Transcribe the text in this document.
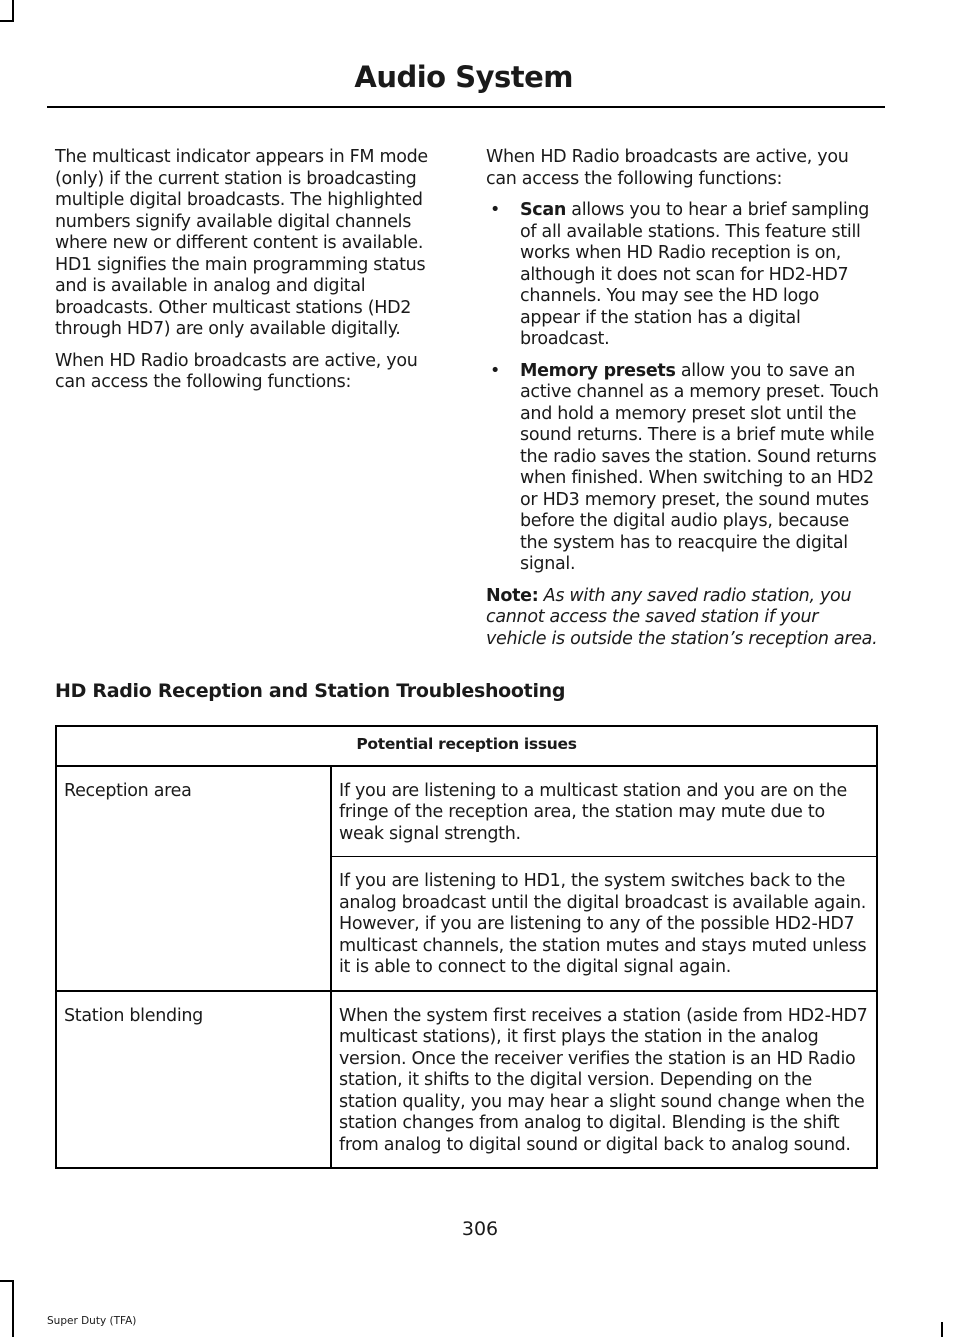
Audio System

The multicast indicator appears in FM mode (only) if the current station is broadcasting multiple digital broadcasts. The highlighted numbers signify available digital channels where new or different content is available. HD1 signifies the main programming status and is available in analog and digital broadcasts. Other multicast stations (HD2 through HD7) are only available digitally.

When HD Radio broadcasts are active, you can access the following functions:

When HD Radio broadcasts are active, you can access the following functions:

• Scan allows you to hear a brief sampling of all available stations. This feature still works when HD Radio reception is on, although it does not scan for HD2-HD7 channels. You may see the HD logo appear if the station has a digital broadcast.
• Memory presets allow you to save an active channel as a memory preset. Touch and hold a memory preset slot until the sound returns. There is a brief mute while the radio saves the station. Sound returns when finished. When switching to an HD2 or HD3 memory preset, the sound mutes before the digital audio plays, because the system has to reacquire the digital signal.

Note: As with any saved radio station, you cannot access the saved station if your vehicle is outside the station’s reception area.

HD Radio Reception and Station Troubleshooting
Potential reception issues	
Reception area	If you are listening to a multicast station and you are on the fringe of the reception area, the station may mute due to weak signal strength.
	If you are listening to HD1, the system switches back to the analog broadcast until the digital broadcast is available again. However, if you are listening to any of the possible HD2-HD7 multicast channels, the station mutes and stays muted unless it is able to connect to the digital signal again.
Station blending	When the system first receives a station (aside from HD2-HD7 multicast stations), it first plays the station in the analog version. Once the receiver verifies the station is an HD Radio station, it shifts to the digital version. Depending on the station quality, you may hear a slight sound change when the station changes from analog to digital. Blending is the shift from analog to digital sound or digital back to analog sound.
306
Super Duty (TFA)
